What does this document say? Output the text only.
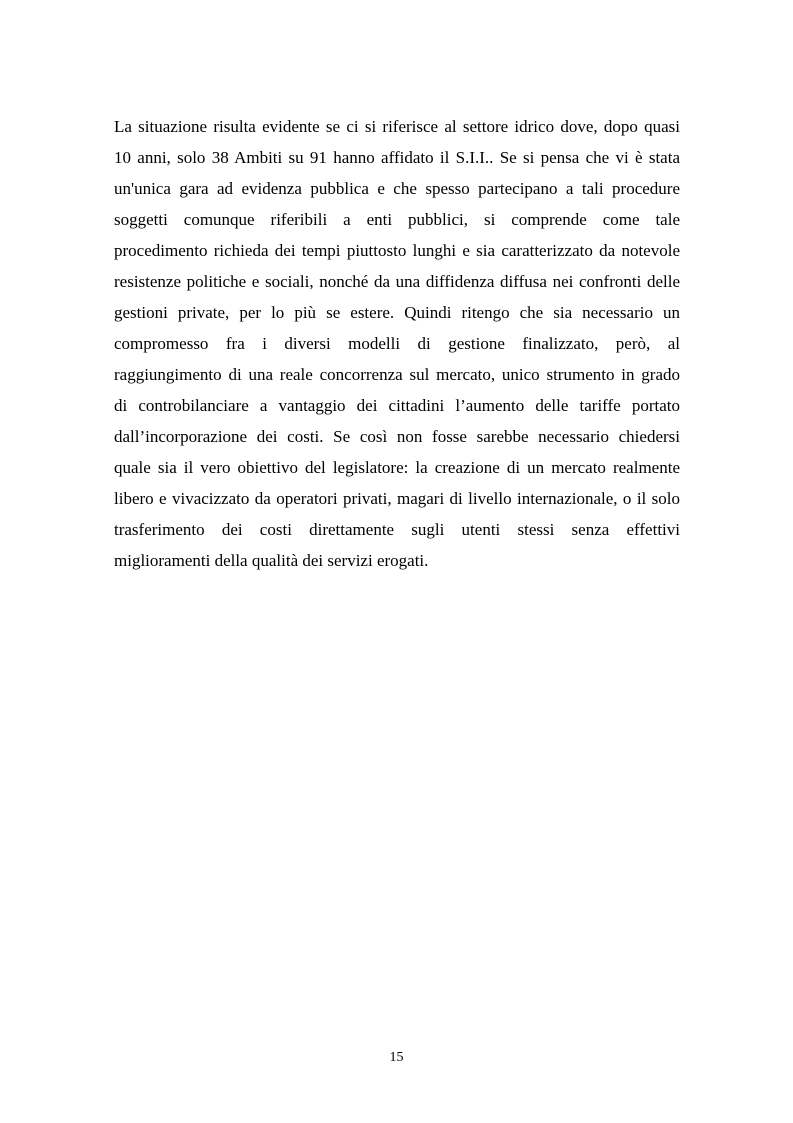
La situazione risulta evidente se ci si riferisce al settore idrico dove, dopo quasi
10 anni, solo 38 Ambiti su 91 hanno affidato il S.I.I.. Se si pensa che vi è stata
un'unica gara ad evidenza pubblica e che spesso partecipano a tali procedure
soggetti comunque riferibili a enti pubblici, si comprende come tale
procedimento richieda dei tempi piuttosto lunghi e sia caratterizzato da notevole
resistenze politiche e sociali, nonché da una diffidenza diffusa nei confronti delle
gestioni private, per lo più se estere. Quindi ritengo che sia necessario un
compromesso fra i diversi modelli di gestione finalizzato, però, al
raggiungimento di una reale concorrenza sul mercato, unico strumento in grado
di controbilanciare a vantaggio dei cittadini l’aumento delle tariffe portato
dall’incorporazione dei costi. Se così non fosse sarebbe necessario chiedersi
quale sia il vero obiettivo del legislatore: la creazione di un mercato realmente
libero e vivacizzato da operatori privati, magari di livello internazionale, o il solo
trasferimento dei costi direttamente sugli utenti stessi senza effettivi
miglioramenti della qualità dei servizi erogati.
15
